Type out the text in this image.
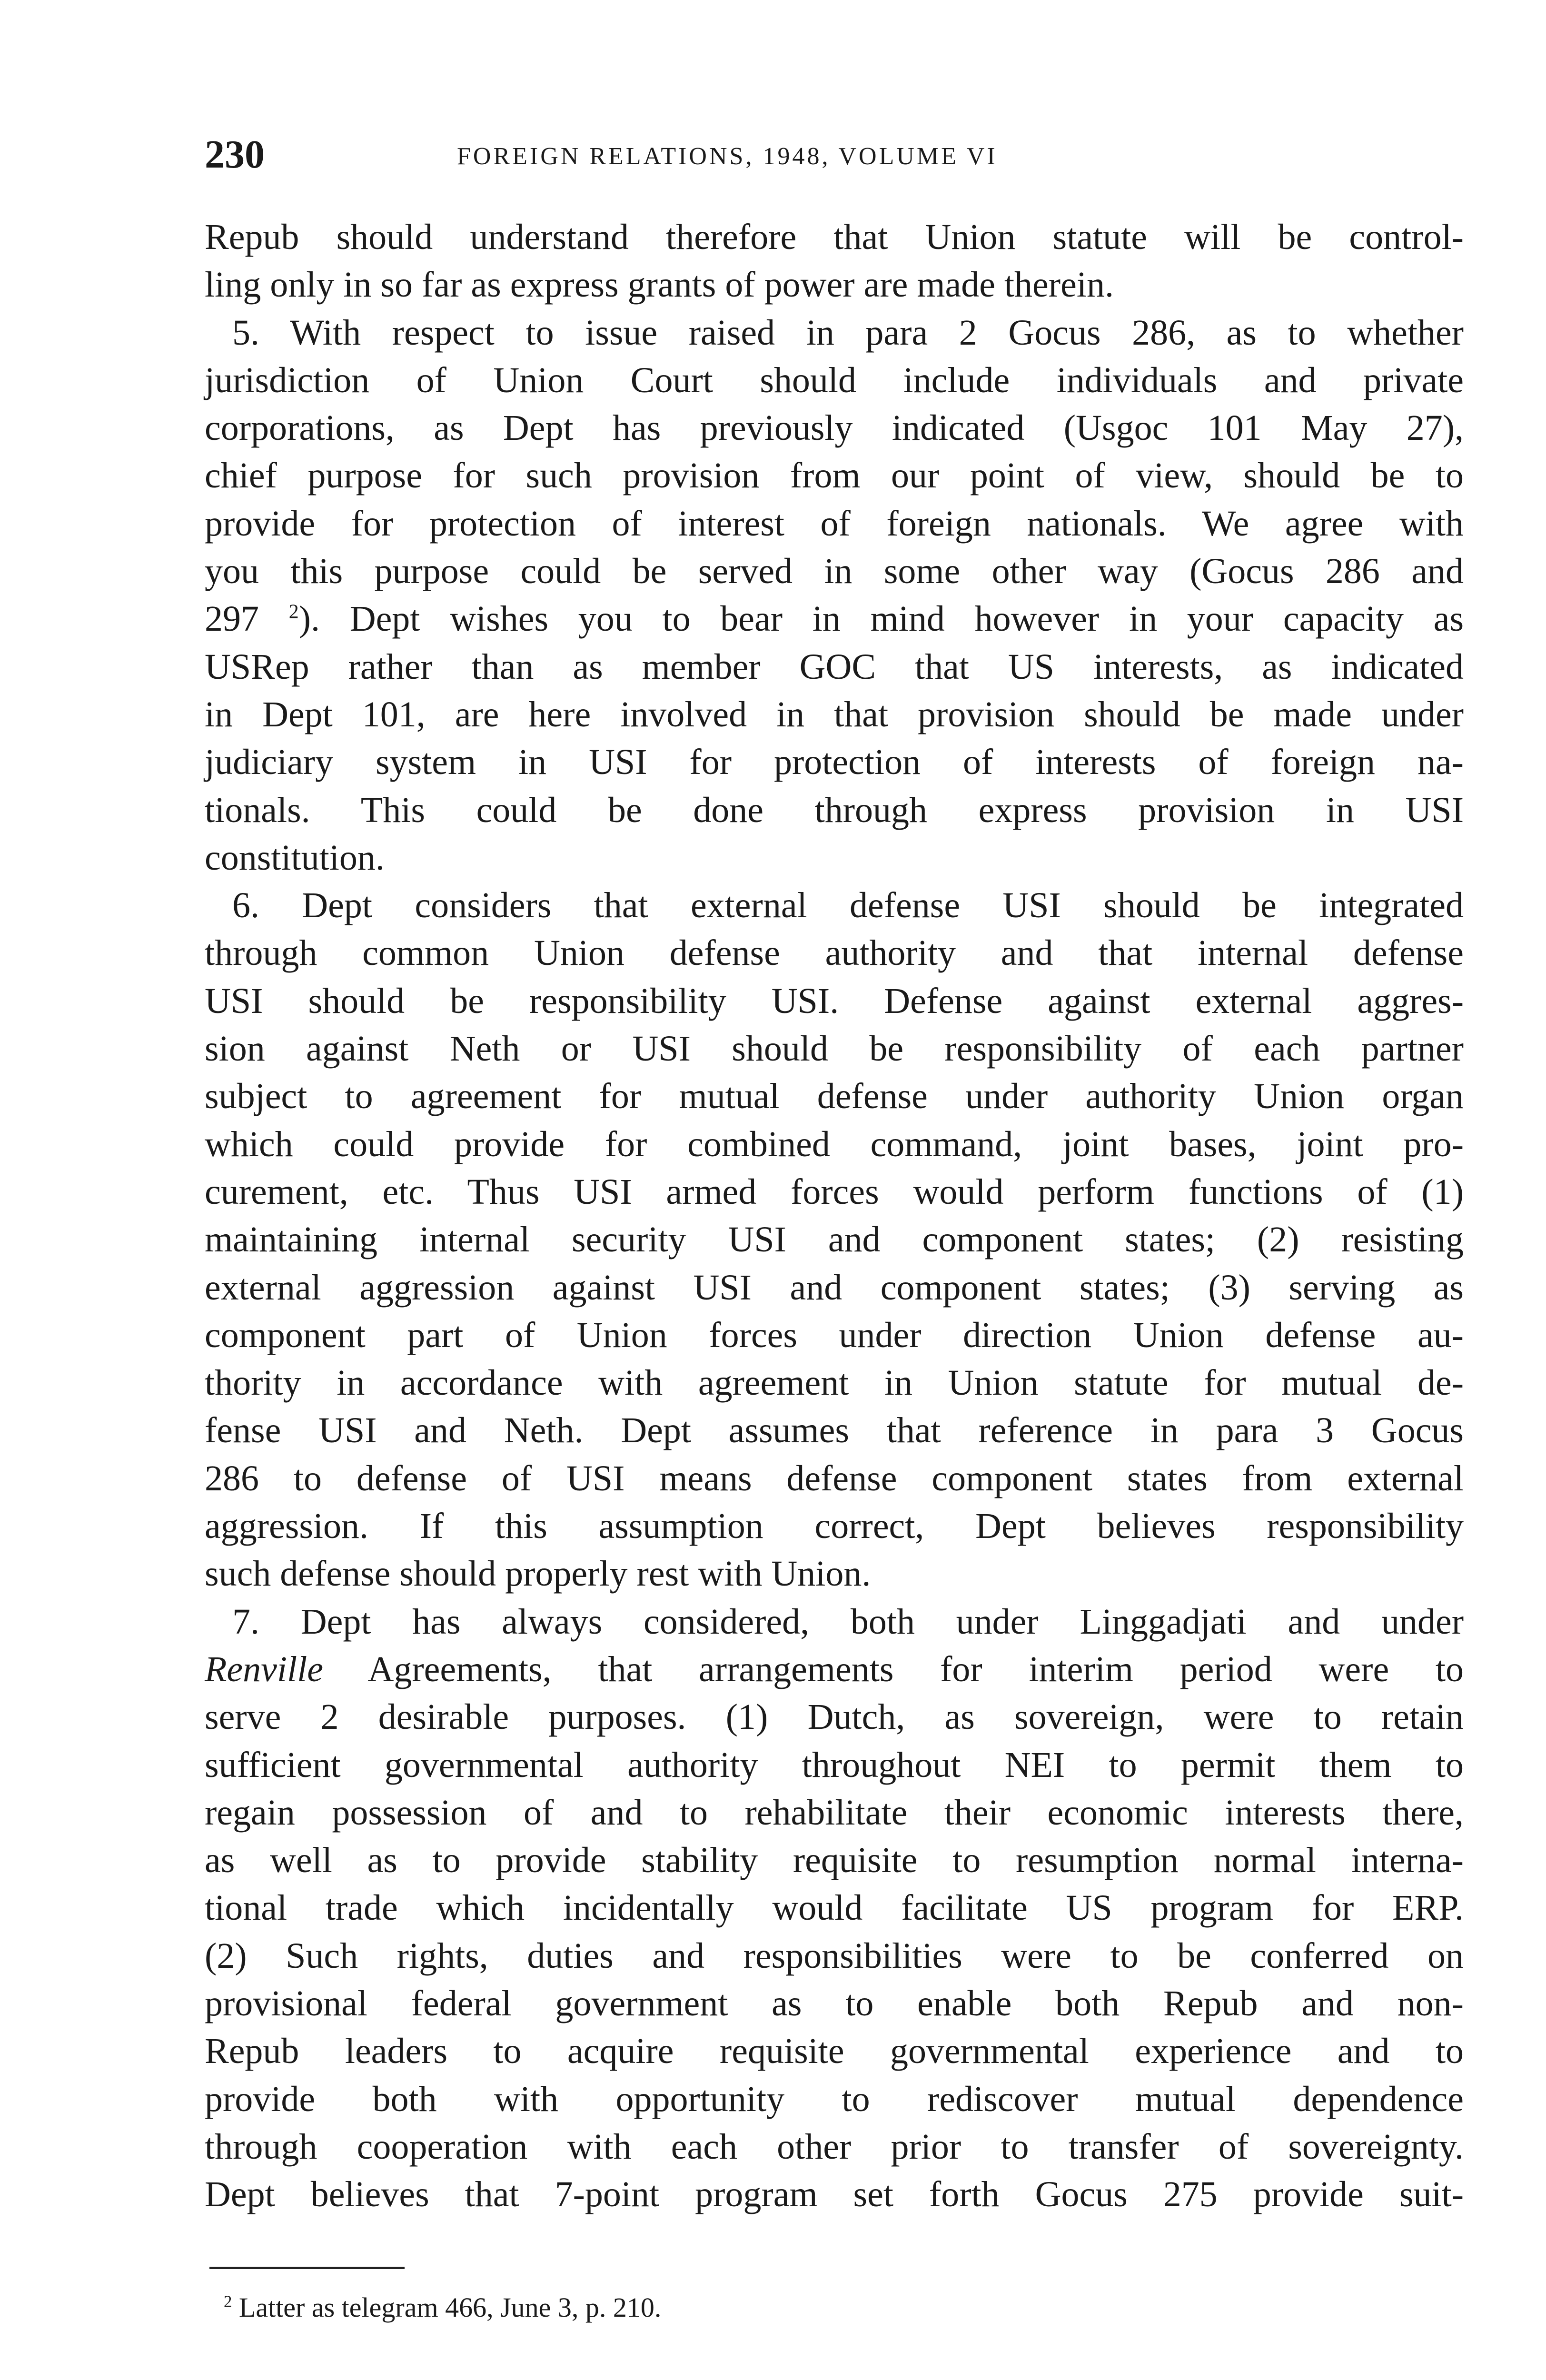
230	FOREIGN RELATIONS, 1948, VOLUME VI
Repub should understand therefore that Union statute will be control-
ling only in so far as express grants of power are made therein.
5. With respect to issue raised in para 2 Gocus 286, as to whether
jurisdiction of Union Court should include individuals and private
corporations, as Dept has previously indicated (Usgoc 101 May 27),
chief purpose for such provision from our point of view, should be to
provide for protection of interest of foreign nationals. We agree with
you this purpose could be served in some other way (Gocus 286 and
297 $^2$). Dept wishes you to bear in mind however in your capacity as
USRep rather than as member GOC that US interests, as indicated
in Dept 101, are here involved in that provision should be made under
judiciary system in USI for protection of interests of foreign na-
tionals. This could be done through express provision in USI
constitution.
6. Dept considers that external defense USI should be integrated
through common Union defense authority and that internal defense
USI should be responsibility USI. Defense against external aggres-
sion against Neth or USI should be responsibility of each partner
subject to agreement for mutual defense under authority Union organ
which could provide for combined command, joint bases, joint pro-
curement, etc. Thus USI armed forces would perform functions of (1)
maintaining internal security USI and component states; (2) resisting
external aggression against USI and component states; (3) serving as
component part of Union forces under direction Union defense au-
thority in accordance with agreement in Union statute for mutual de-
fense USI and Neth. Dept assumes that reference in para 3 Gocus
286 to defense of USI means defense component states from external
aggression. If this assumption correct, Dept believes responsibility
such defense should properly rest with Union.
7. Dept has always considered, both under Linggadjati and under
Renville Agreements, that arrangements for interim period were to
serve 2 desirable purposes. (1) Dutch, as sovereign, were to retain
sufficient governmental authority throughout NEI to permit them to
regain possession of and to rehabilitate their economic interests there,
as well as to provide stability requisite to resumption normal interna-
tional trade which incidentally would facilitate US program for ERP.
(2) Such rights, duties and responsibilities were to be conferred on
provisional federal government as to enable both Repub and non-
Repub leaders to acquire requisite governmental experience and to
provide both with opportunity to rediscover mutual dependence
through cooperation with each other prior to transfer of sovereignty.
Dept believes that 7-point program set forth Gocus 275 provide suit-
$^2$ Latter as telegram 466, June 3, p. 210.
